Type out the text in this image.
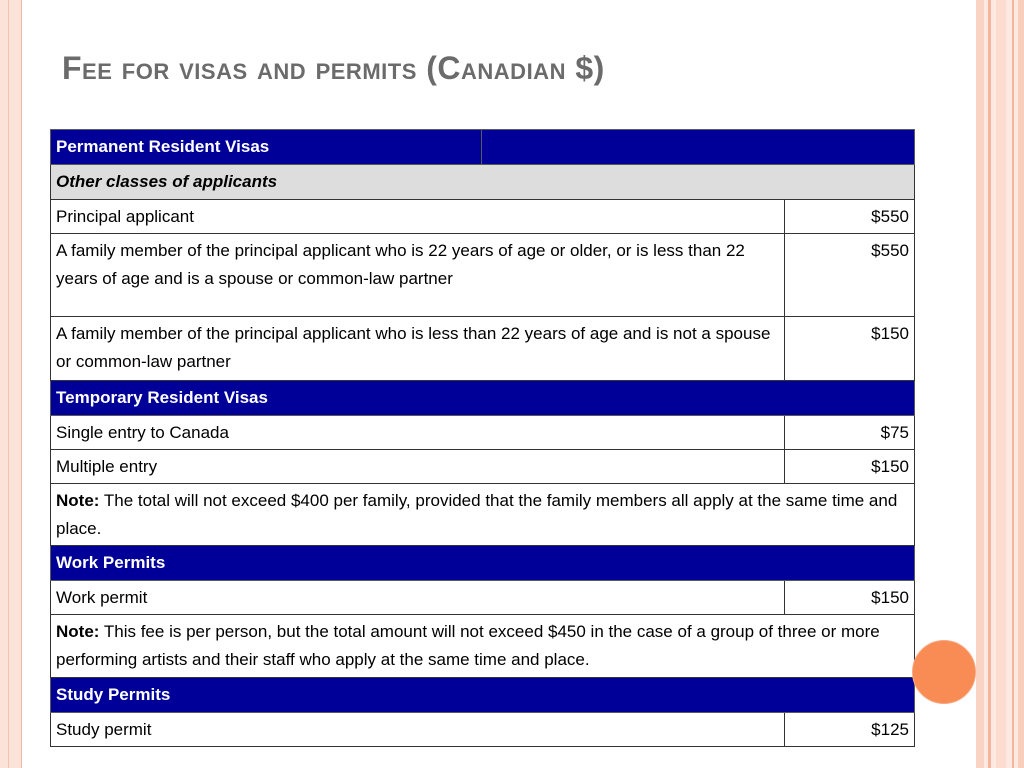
Fee for visas and permits (Canadian $)
Permanent Resident Visas		
Other classes of applicants		
Principal applicant		$550
A family member of the principal applicant who is 22 years of age or older, or is less than 22 years of age and is a spouse or common-law partner		$550
A family member of the principal applicant who is less than 22 years of age and is not a spouse or common-law partner		$150
Temporary Resident Visas		
Single entry to Canada		$75
Multiple entry		$150
Note: The total will not exceed $400 per family, provided that the family members all apply at the same time and place.		
Work Permits		
Work permit		$150
Note: This fee is per person, but the total amount will not exceed $450 in the case of a group of three or more performing artists and their staff who apply at the same time and place.		
Study Permits		
Study permit		$125
